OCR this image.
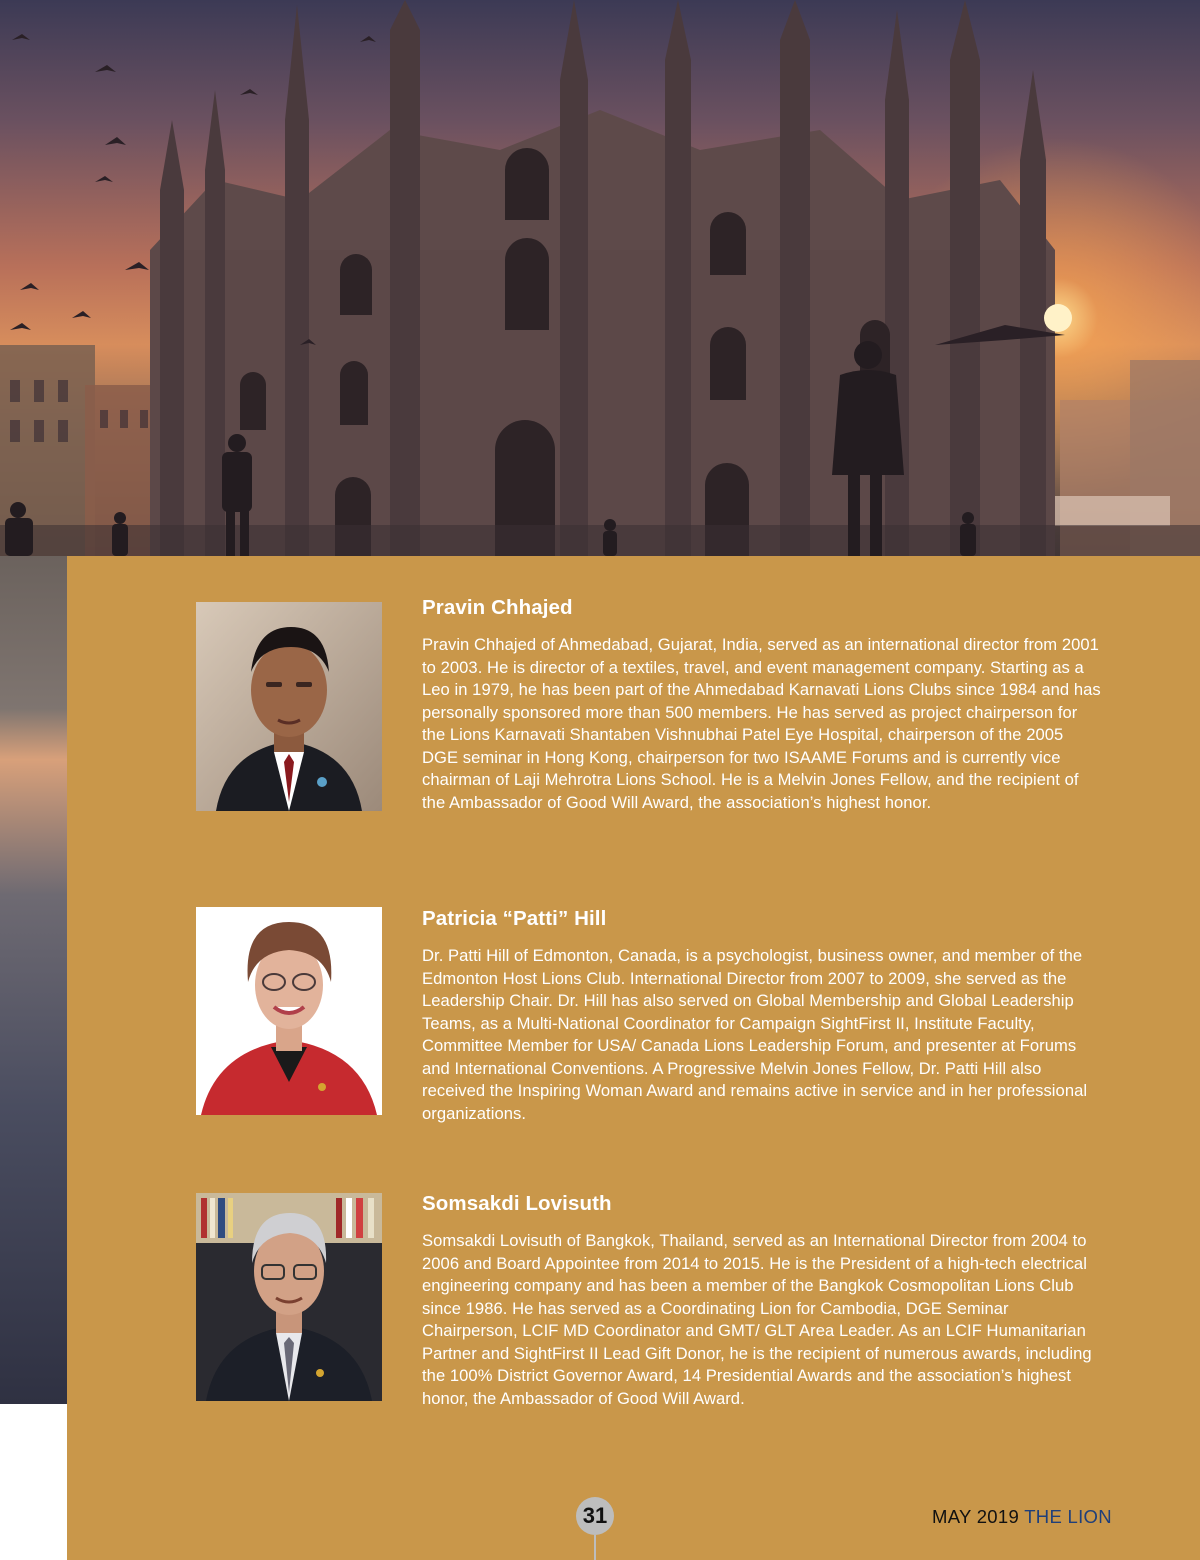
Pravin Chhajed

Pravin Chhajed of Ahmedabad, Gujarat, India, served as an international director from 2001 to 2003. He is director of a textiles, travel, and event management company. Starting as a Leo in 1979, he has been part of the Ahmedabad Karnavati Lions Clubs since 1984 and has personally sponsored more than 500 members. He has served as project chairperson for the Lions Karnavati Shantaben Vishnubhai Patel Eye Hospital, chairperson of the 2005 DGE seminar in Hong Kong, chairperson for two ISAAME Forums and is currently vice chairman of Laji Mehrotra Lions School. He is a Melvin Jones Fellow, and the recipient of the Ambassador of Good Will Award, the association’s highest honor.

Patricia “Patti” Hill

Dr. Patti Hill of Edmonton, Canada, is a psychologist, business owner, and member of the Edmonton Host Lions Club. International Director from 2007 to 2009, she served as the Leadership Chair. Dr. Hill has also served on Global Membership and Global Leadership Teams, as a Multi-National Coordinator for Campaign SightFirst II, Institute Faculty, Committee Member for USA/ Canada Lions Leadership Forum, and presenter at Forums and International Conventions. A Progressive Melvin Jones Fellow, Dr. Patti Hill also received the Inspiring Woman Award and remains active in service and in her professional organizations.

Somsakdi Lovisuth

Somsakdi Lovisuth of Bangkok, Thailand, served as an International Director from 2004 to 2006 and Board Appointee from 2014 to 2015. He is the President of a high-tech electrical engineering company and has been a member of the Bangkok Cosmopolitan Lions Club since 1986. He has served as a Coordinating Lion for Cambodia, DGE Seminar Chairperson, LCIF MD Coordinator and GMT/ GLT Area Leader. As an LCIF Humanitarian Partner and SightFirst II Lead Gift Donor, he is the recipient of numerous awards, including the 100% District Governor Award, 14 Presidential Awards and the association’s highest honor, the Ambassador of Good Will Award.

31	MAY 2019 THE LION
